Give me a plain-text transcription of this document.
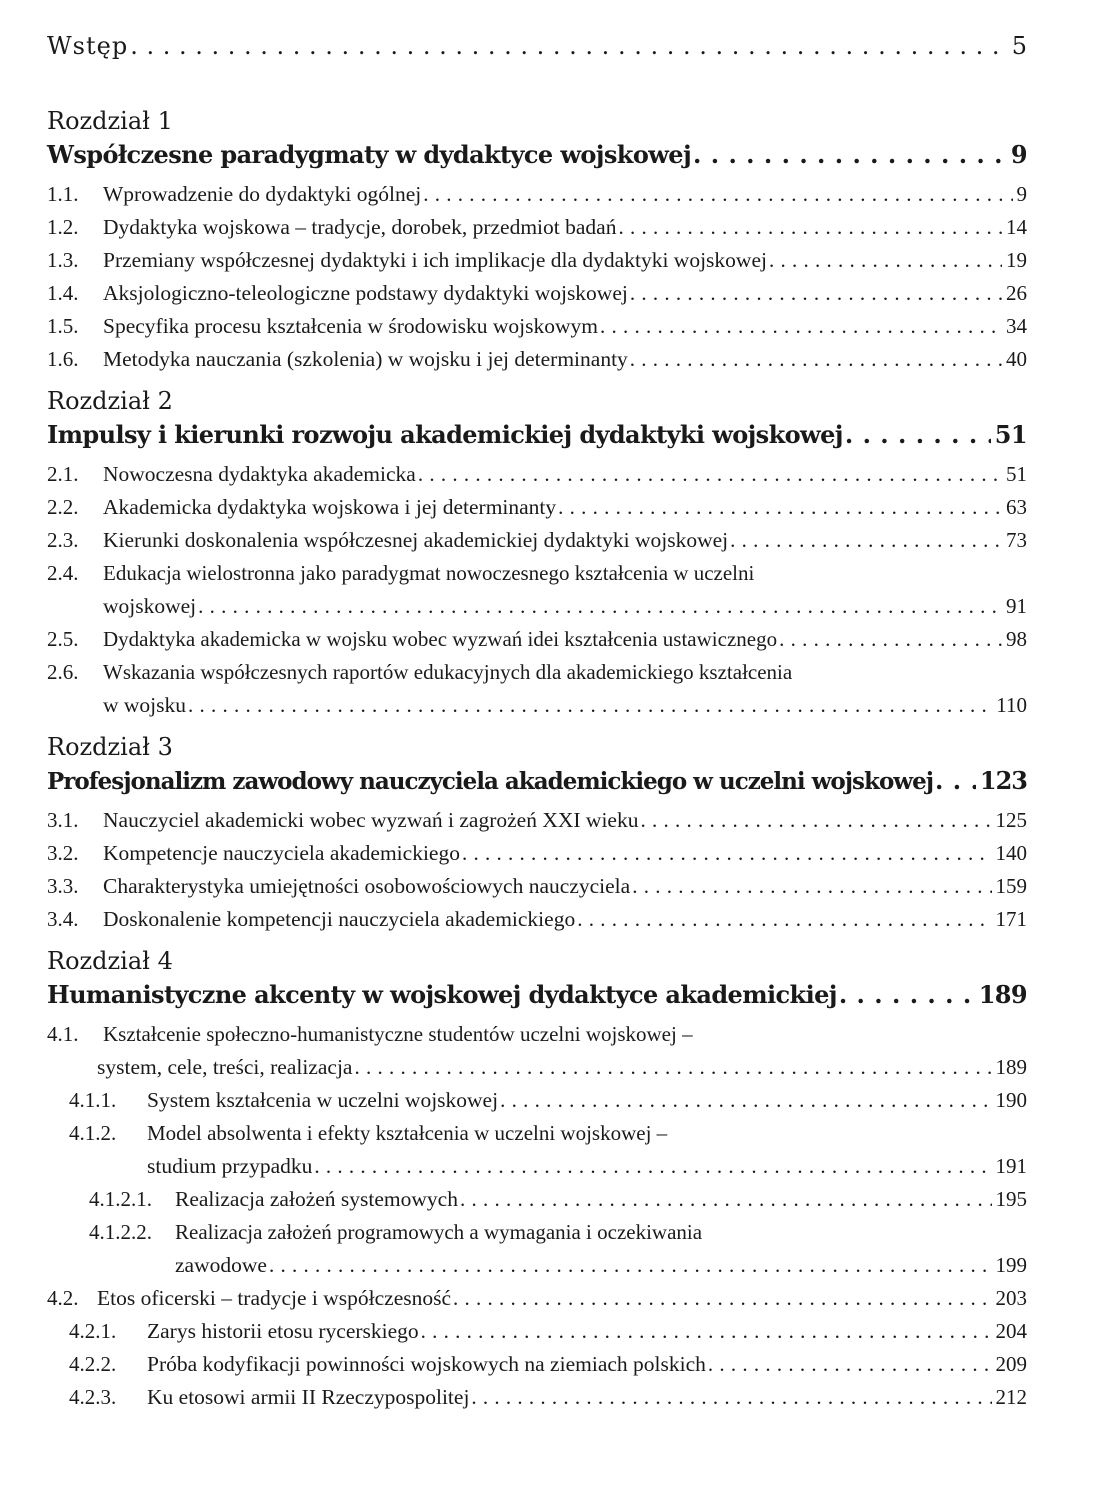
Wstęp . . .	5
Rozdział 1
Współczesne paradygmaty w dydaktyce wojskowej . . .	9
1.1.	Wprowadzenie do dydaktyki ogólnej . . .	9
1.2.	Dydaktyka wojskowa – tradycje, dorobek, przedmiot badań . . .	14
1.3.	Przemiany współczesnej dydaktyki i ich implikacje dla dydaktyki wojskowej . . .	19
1.4.	Aksjologiczno-teleologiczne podstawy dydaktyki wojskowej . . .	26
1.5.	Specyfika procesu kształcenia w środowisku wojskowym . . .	34
1.6.	Metodyka nauczania (szkolenia) w wojsku i jej determinanty . . .	40
Rozdział 2
Impulsy i kierunki rozwoju akademickiej dydaktyki wojskowej . . .	51
2.1.	Nowoczesna dydaktyka akademicka . . .	51
2.2.	Akademicka dydaktyka wojskowa i jej determinanty . . .	63
2.3.	Kierunki doskonalenia współczesnej akademickiej dydaktyki wojskowej . . .	73
2.4. Edukacja wielostronna jako paradygmat nowoczesnego kształcenia w uczelni
wojskowej . . .	91
2.5.	Dydaktyka akademicka w wojsku wobec wyzwań idei kształcenia ustawicznego . . .	98
2.6. Wskazania współczesnych raportów edukacyjnych dla akademickiego kształcenia
w wojsku . . .	110
Rozdział 3
Profesjonalizm zawodowy nauczyciela akademickiego w uczelni wojskowej . . . 123
3.1.	Nauczyciel akademicki wobec wyzwań i zagrożeń XXI wieku . . .	125
3.2.	Kompetencje nauczyciela akademickiego . . .	140
3.3.	Charakterystyka umiejętności osobowościowych nauczyciela . . .	159
3.4.	Doskonalenie kompetencji nauczyciela akademickiego . . .	171
Rozdział 4
Humanistyczne akcenty w wojskowej dydaktyce akademickiej . . .	189
4.1. Kształcenie społeczno-humanistyczne studentów uczelni wojskowej –
system, cele, treści, realizacja . . .	189
4.1.1.	System kształcenia w uczelni wojskowej . . .	190
4.1.2. Model absolwenta i efekty kształcenia w uczelni wojskowej –
studium przypadku . . .	191
4.1.2.1.	Realizacja założeń systemowych . . .	195
4.1.2.2. Realizacja założeń programowych a wymagania i oczekiwania
zawodowe . . .	199
4.2. Etos oficerski – tradycje i współczesność . . .	203
4.2.1.	Zarys historii etosu rycerskiego . . .	204
4.2.2.	Próba kodyfikacji powinności wojskowych na ziemiach polskich . . .	209
4.2.3.	Ku etosowi armii II Rzeczypospolitej . . .	212
